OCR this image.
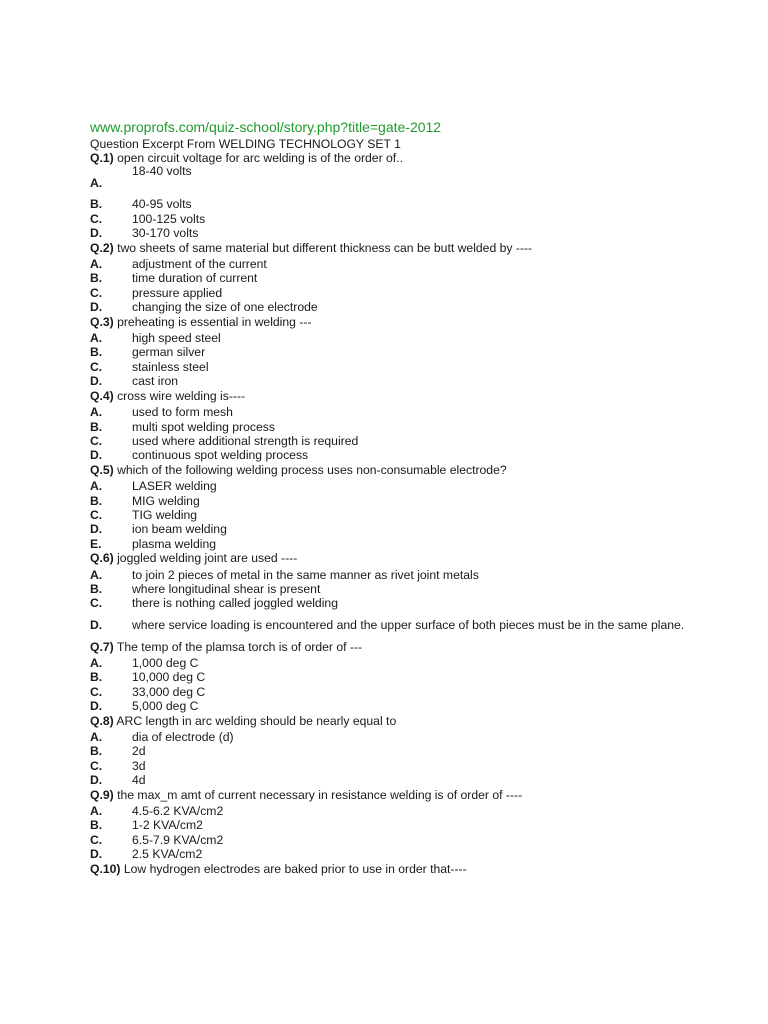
www.proprofs.com/quiz-school/story.php?title=gate-2012
Question Excerpt From WELDING TECHNOLOGY SET 1
Q.1) open circuit voltage for arc welding is of the order of..
A.
18-40 volts
B.	40-95 volts
C.	100-125 volts
D.	30-170 volts
Q.2) two sheets of same material but different thickness can be butt welded by ----
A.	adjustment of the current
B.	time duration of current
C.	pressure applied
D.	changing the size of one electrode
Q.3) preheating is essential in welding ---
A.	high speed steel
B.	german silver
C.	stainless steel
D.	cast iron
Q.4) cross wire welding is----
A.	used to form mesh
B.	multi spot welding process
C.	used where additional strength is required
D.	continuous spot welding process
Q.5) which of the following welding process uses non-consumable electrode?
A.	LASER welding
B.	MIG welding
C.	TIG welding
D.	ion beam welding
E.	plasma welding
Q.6) joggled welding joint are used ----
A.	to join 2 pieces of metal in the same manner as rivet joint metals
B.	where longitudinal shear is present
C.	there is nothing called joggled welding
D.	where service loading is encountered and the upper surface of both pieces must be in the same plane.
Q.7) The temp of the plamsa torch is of order of ---
A.	1,000 deg C
B.	10,000 deg C
C.	33,000 deg C
D.	5,000 deg C
Q.8) ARC length in arc welding should be nearly equal to
A.	dia of electrode (d)
B.	2d
C.	3d
D.	4d
Q.9) the max_m amt of current necessary in resistance welding is of order of ----
A.	4.5-6.2 KVA/cm2
B.	1-2 KVA/cm2
C.	6.5-7.9 KVA/cm2
D.	2.5 KVA/cm2
Q.10) Low hydrogen electrodes are baked prior to use in order that----
